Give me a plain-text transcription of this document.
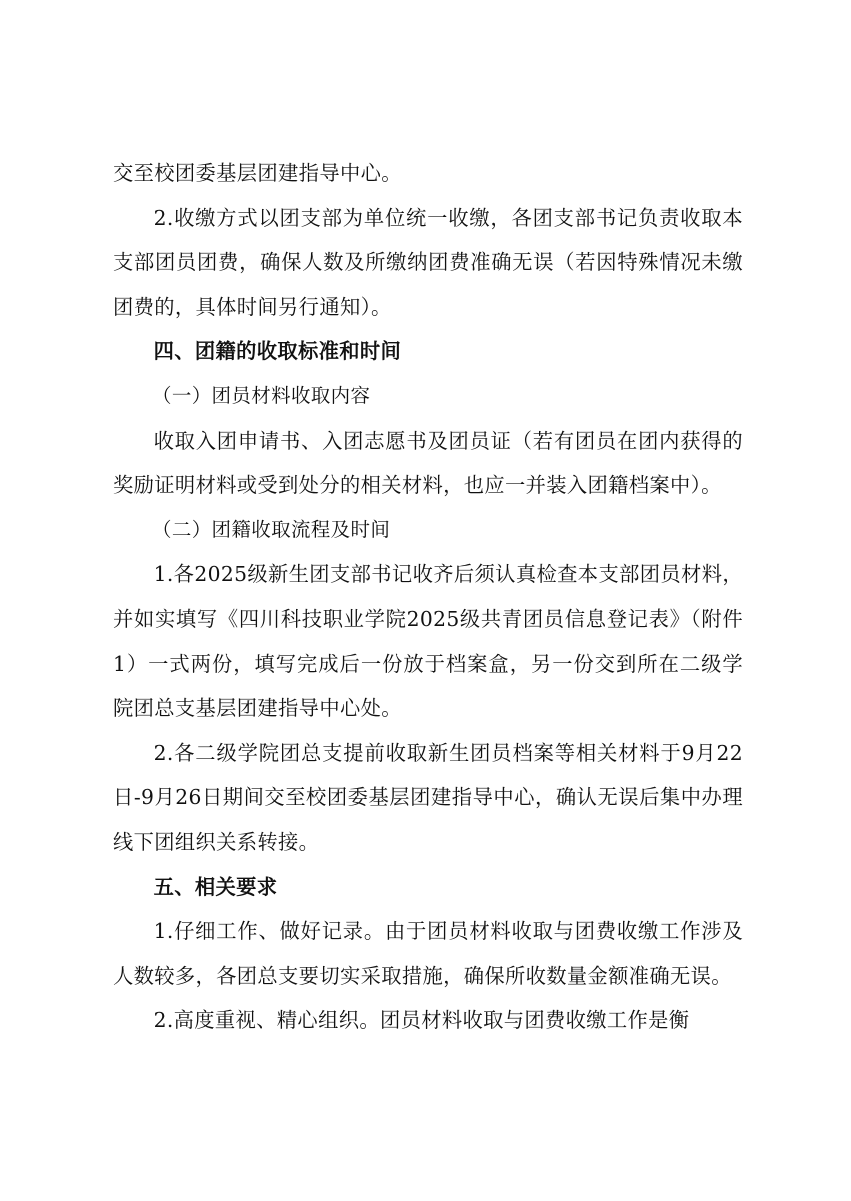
交至校团委基层团建指导中心。

2.收缴方式以团支部为单位统一收缴，各团支部书记负责收取本支部团员团费，确保人数及所缴纳团费准确无误（若因特殊情况未缴团费的，具体时间另行通知）。

四、团籍的收取标准和时间

（一）团员材料收取内容

收取入团申请书、入团志愿书及团员证（若有团员在团内获得的奖励证明材料或受到处分的相关材料，也应一并装入团籍档案中）。

（二）团籍收取流程及时间

1.各2025级新生团支部书记收齐后须认真检查本支部团员材料，并如实填写《四川科技职业学院2025级共青团员信息登记表》（附件1）一式两份，填写完成后一份放于档案盒，另一份交到所在二级学院团总支基层团建指导中心处。

2.各二级学院团总支提前收取新生团员档案等相关材料于9月22日-9月26日期间交至校团委基层团建指导中心，确认无误后集中办理线下团组织关系转接。

五、相关要求

1.仔细工作、做好记录。由于团员材料收取与团费收缴工作涉及人数较多，各团总支要切实采取措施，确保所收数量金额准确无误。

2.高度重视、精心组织。团员材料收取与团费收缴工作是衡
